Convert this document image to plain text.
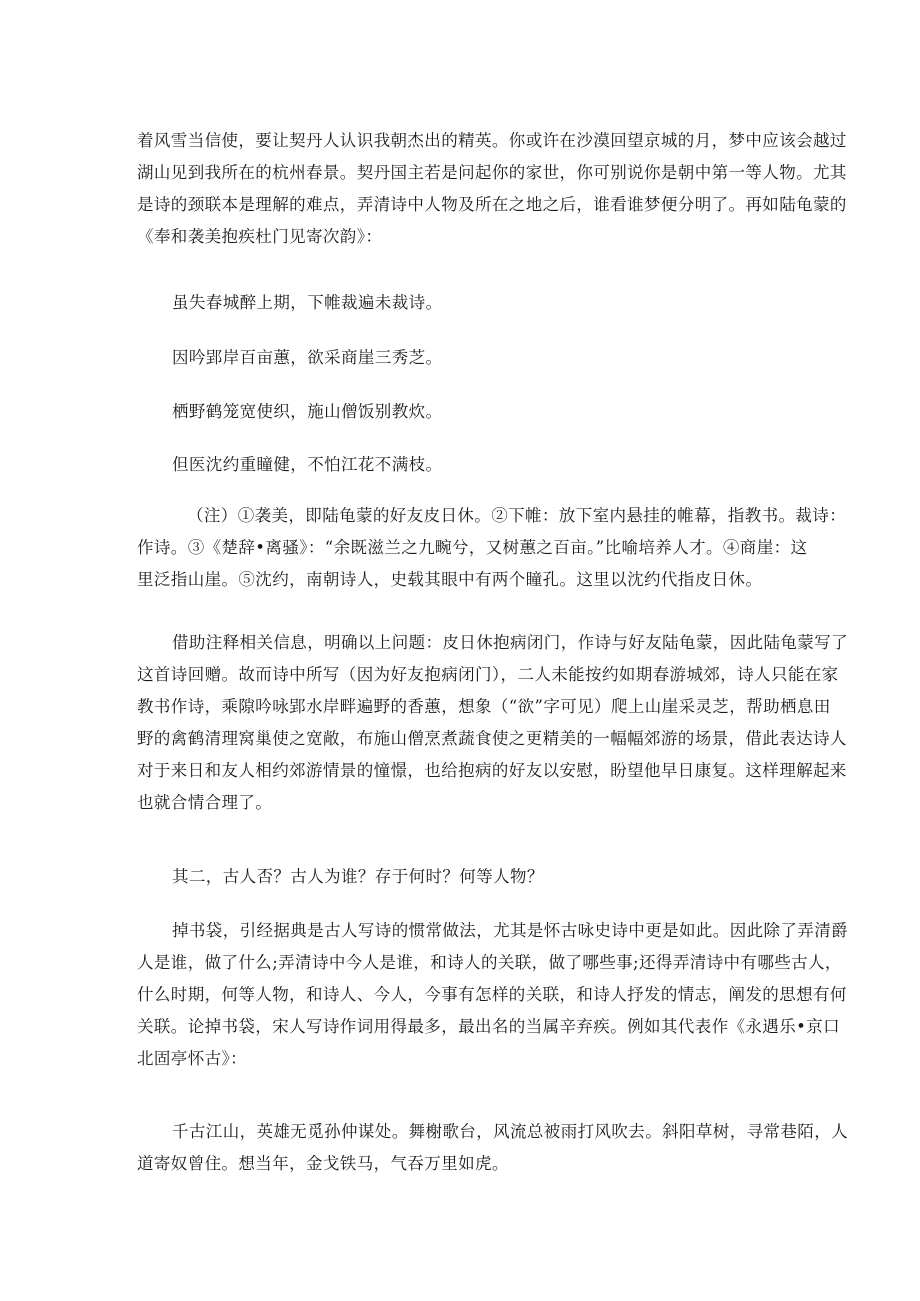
着风雪当信使，要让契丹人认识我朝杰出的精英。你或许在沙漠回望京城的月，梦中应该会越过
湖山见到我所在的杭州春景。契丹国主若是问起你的家世，你可别说你是朝中第一等人物。尤其
是诗的颈联本是理解的难点，弄清诗中人物及所在之地之后，谁看谁梦便分明了。再如陆龟蒙的
《奉和袭美抱疾杜门见寄次韵》：
虽失春城醉上期，下帷裁遍未裁诗。
因吟郢岸百亩蕙，欲采商崖三秀芝。
栖野鹤笼宽使织，施山僧饭别教炊。
但医沈约重瞳健，不怕江花不满枝。
（注）①袭美，即陆龟蒙的好友皮日休。②下帷：放下室内悬挂的帷幕，指教书。裁诗：
作诗。③《楚辞•离骚》：“余既滋兰之九畹兮，又树蕙之百亩。”比喻培养人才。④商崖：这
里泛指山崖。⑤沈约，南朝诗人，史载其眼中有两个瞳孔。这里以沈约代指皮日休。
借助注释相关信息，明确以上问题：皮日休抱病闭门，作诗与好友陆龟蒙，因此陆龟蒙写了
这首诗回赠。故而诗中所写（因为好友抱病闭门），二人未能按约如期春游城郊，诗人只能在家
教书作诗，乘隙吟咏郢水岸畔遍野的香蕙，想象（“欲”字可见）爬上山崖采灵芝，帮助栖息田
野的禽鹤清理窝巢使之宽敞，布施山僧烹煮蔬食使之更精美的一幅幅郊游的场景，借此表达诗人
对于来日和友人相约郊游情景的憧憬，也给抱病的好友以安慰，盼望他早日康复。这样理解起来
也就合情合理了。
其二，古人否？古人为谁？存于何时？何等人物？
掉书袋，引经据典是古人写诗的惯常做法，尤其是怀古咏史诗中更是如此。因此除了弄清爵
人是谁，做了什么;弄清诗中今人是谁，和诗人的关联，做了哪些事;还得弄清诗中有哪些古人，
什么时期，何等人物，和诗人、今人，今事有怎样的关联，和诗人抒发的情志，阐发的思想有何
关联。论掉书袋，宋人写诗作词用得最多，最出名的当属辛弃疾。例如其代表作《永遇乐•京口
北固亭怀古》：
千古江山，英雄无觅孙仲谋处。舞榭歌台，风流总被雨打风吹去。斜阳草树，寻常巷陌，人
道寄奴曾住。想当年，金戈铁马，气吞万里如虎。
